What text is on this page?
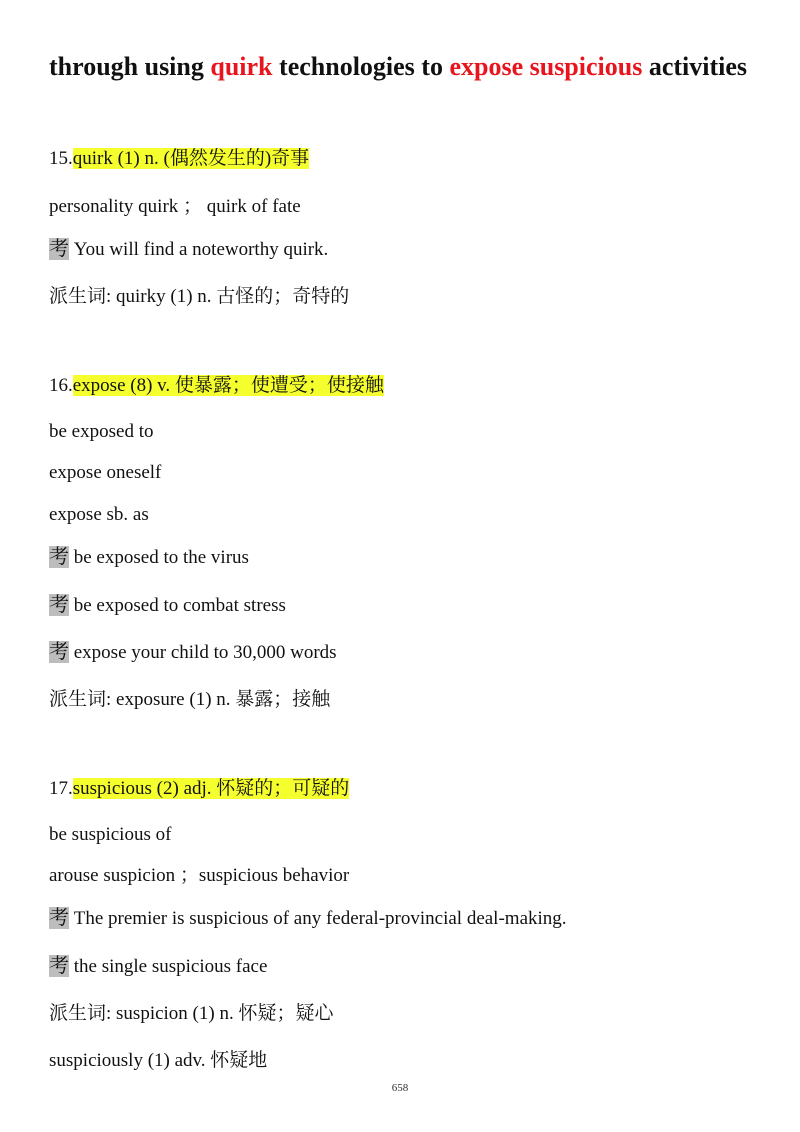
through using quirk technologies to expose suspicious activities

15.quirk (1) n. (偶然发生的)奇事

personality quirk ； quirk of fate

考 You will find a noteworthy quirk.

派生词: quirky (1) n. 古怪的；奇特的

16.expose (8) v. 使暴露；使遭受；使接触

be exposed to

expose oneself

expose sb. as

考 be exposed to the virus

考 be exposed to combat stress

考 expose your child to 30,000 words

派生词: exposure (1) n. 暴露；接触

17.suspicious (2) adj. 怀疑的；可疑的

be suspicious of

arouse suspicion ；suspicious behavior

考 The premier is suspicious of any federal-provincial deal-making.

考 the single suspicious face

派生词: suspicion (1) n. 怀疑；疑心

suspiciously (1) adv. 怀疑地

658
